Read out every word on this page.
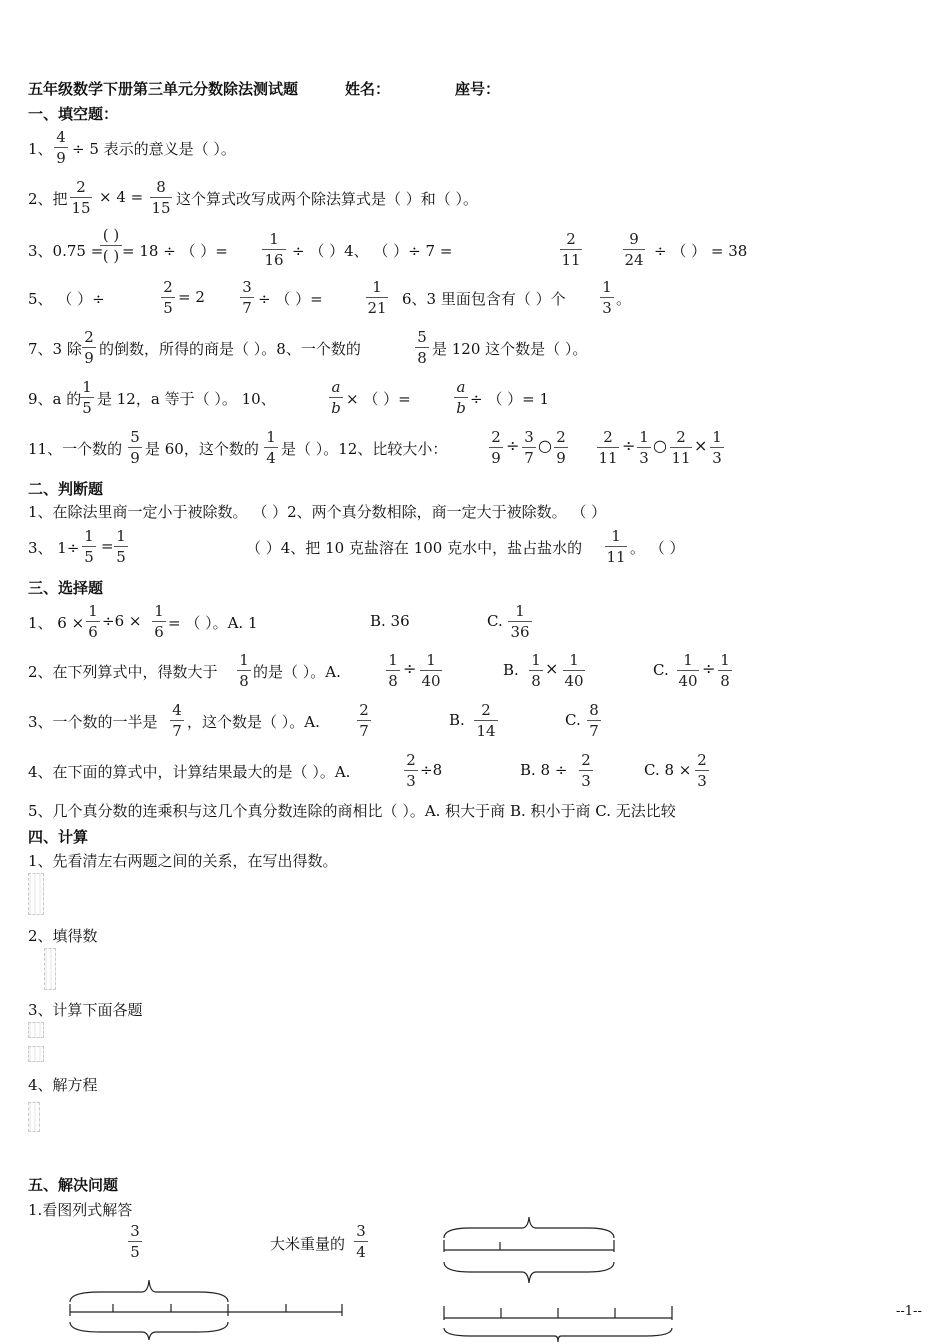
五年级数学下册第三单元分数除法测试题	姓名：	座号：
一、填空题：
1、
4
9 ÷ 5 表示的意义是（ ）。
2、把
2
15
× 4 =
8
15 这个算式改写成两个除法算式是（ ）和（ ）。
3、0.75 =
( )
( ) = 18 ÷ （ ）=
1
16 ÷ （ ）4、 （ ）÷ 7 =
2
11
9
24 ÷ （ ） = 38
5、 （ ）÷
2
5
= 2
3
7 ÷ （ ）=
1
21 6、3 里面包含有（ ）个
1
3 。
7、3 除
2
9 的倒数，所得的商是（ ）。8、一个数的
5
8 是 120 这个数是（ ）。
9、a 的
1
5 是 12，a 等于（ ）。 10、
a
b × （ ）=
a
b ÷ （ ）= 1
11、一个数的
5
9 是 60，这个数的
1
4 是（ ）。12、比较大小：
2
9
÷ 3
7
○ 2
9
2
11
÷ 1
3
○ 2
11
× 1
3
二、判断题
1、在除法里商一定小于被除数。 （ ）2、两个真分数相除，商一定大于被除数。 （ ）
3、 1÷
1
5
=
1
5	（ ）4、把 10 克盐溶在 100 克水中，盐占盐水的
1
11 。 （ ）
三、选择题
1、 6 ×
1
6
÷6 ×
1
6 = （ ）。A. 1	B. 36	C.
1
36
2、在下列算式中，得数大于
1
8 的是（ ）。A.
1
8
÷ 1
40
B.
1
8
× 1
40
C.
1
40
÷ 1
8
3、一个数的一半是
4
7 ，这个数是（ ）。A.
2
7
B.
2
14
C.
8
7
4、在下面的算式中，计算结果最大的是（ ）。A.
2
3
÷8	B. 8 ÷
2
3
C. 8 ×
2
3
5、几个真分数的连乘积与这几个真分数连除的商相比（ ）。A. 积大于商 B. 积小于商 C. 无法比较
四、计算
1、先看清左右两题之间的关系，在写出得数。
2、填得数
3、计算下面各题
4、解方程
五、解决问题
1.看图列式解答
3
5	大米重量的
3
4
--1--
